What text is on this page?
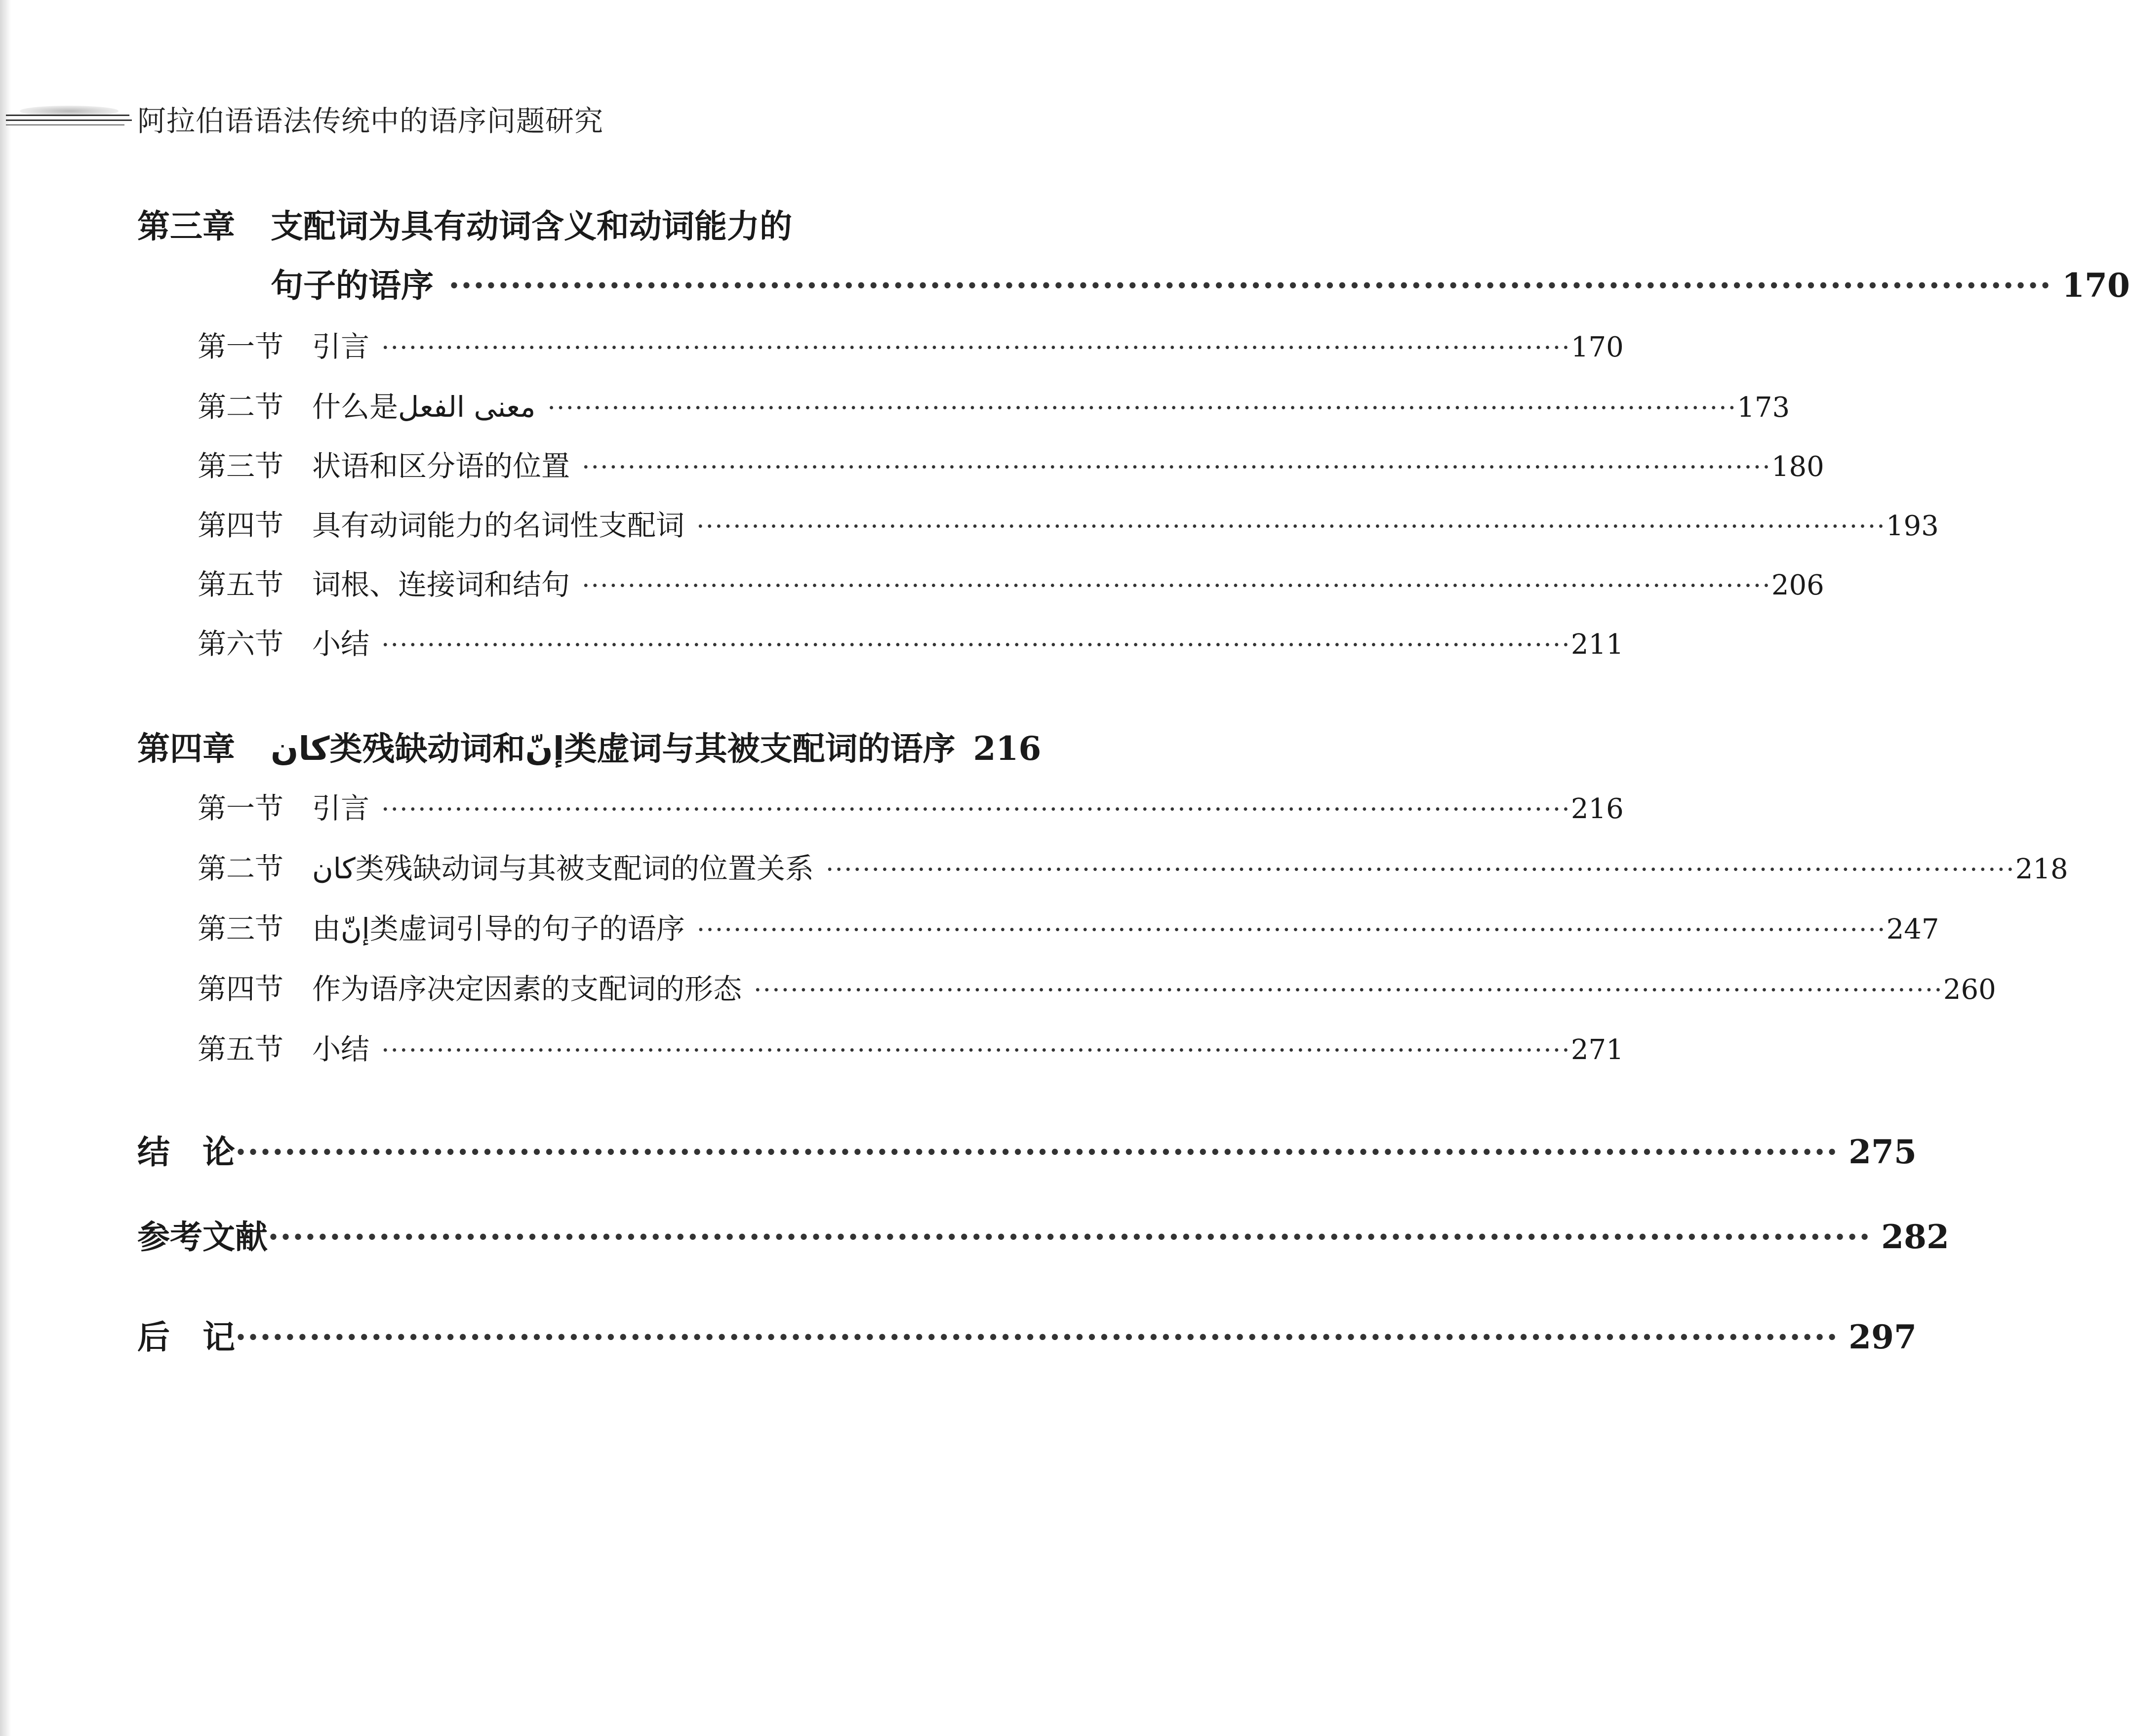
阿拉伯语语法传统中的语序问题研究
第三章	支配词为具有动词含义和动词能力的
句子的语序 ·································································································································· 170
第一节 引言 ·································································································································· 170
第二节 什么是معنى الفعل ·································································································································· 173
第三节 状语和区分语的位置 ·································································································································· 180
第四节 具有动词能力的名词性支配词 ·································································································································· 193
第五节 词根、连接词和结句 ·································································································································· 206
第六节 小结 ·································································································································· 211
第四章	كان类残缺动词和إنّ类虚词与其被支配词的语序 216
第一节 引言 ·································································································································· 216
第二节 كان类残缺动词与其被支配词的位置关系 ·································································································································· 218
第三节 由إنّ类虚词引导的句子的语序 ·································································································································· 247
第四节 作为语序决定因素的支配词的形态 ·································································································································· 260
第五节 小结 ·································································································································· 271
结　论 ·································································································································· 275
参考文献 ·································································································································· 282
后　记 ·································································································································· 297
